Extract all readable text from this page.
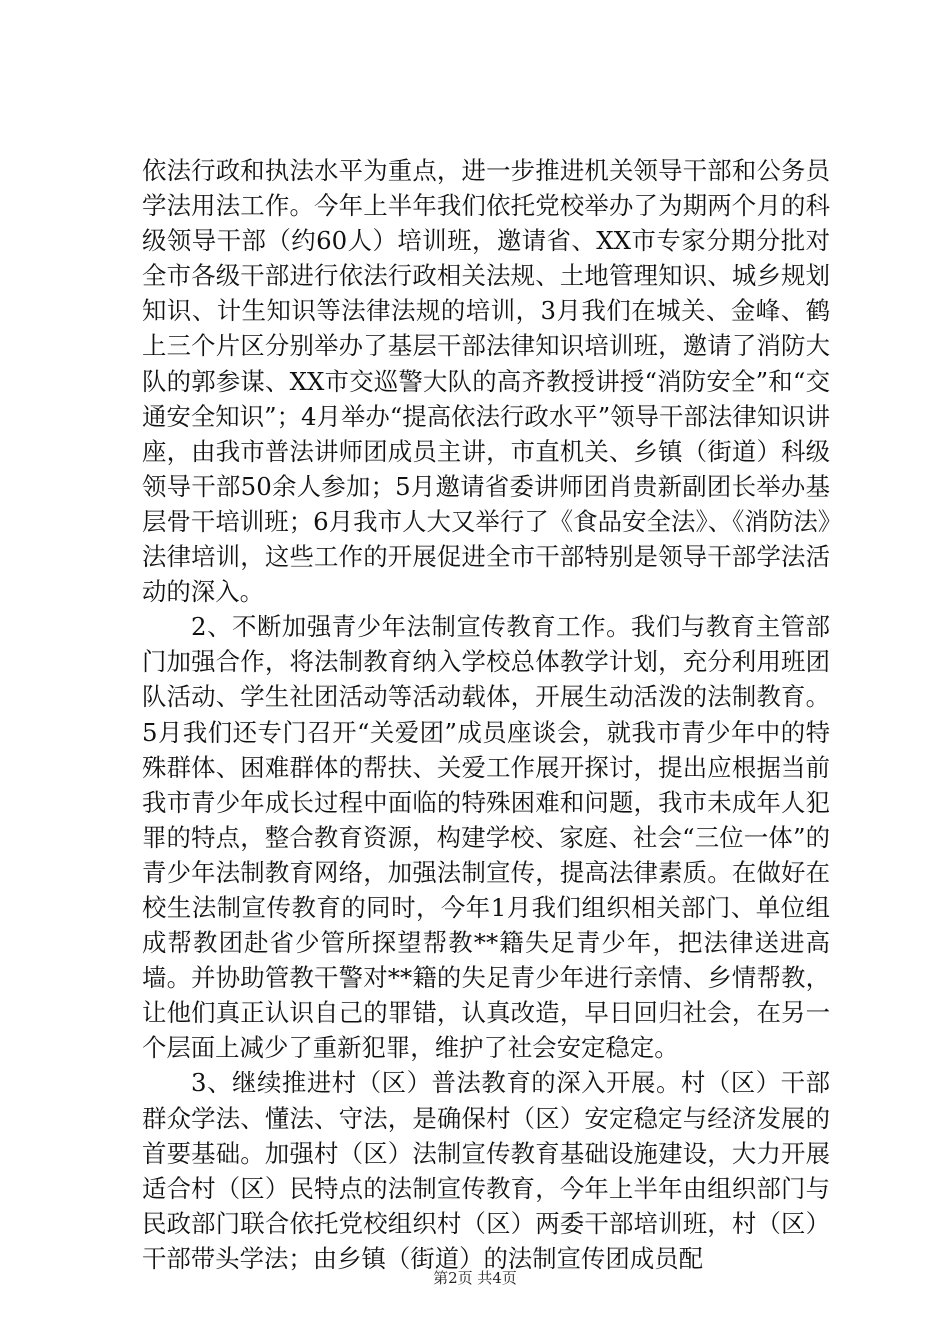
依法行政和执法水平为重点，进一步推进机关领导干部和公务员学法用法工作。今年上半年我们依托党校举办了为期两个月的科级领导干部（约60人）培训班，邀请省、XX市专家分期分批对全市各级干部进行依法行政相关法规、土地管理知识、城乡规划知识、计生知识等法律法规的培训，3月我们在城关、金峰、鹤上三个片区分别举办了基层干部法律知识培训班，邀请了消防大队的郭参谋、XX市交巡警大队的高齐教授讲授“消防安全”和“交通安全知识”；4月举办“提高依法行政水平”领导干部法律知识讲座，由我市普法讲师团成员主讲，市直机关、乡镇（街道）科级领导干部50余人参加；5月邀请省委讲师团肖贵新副团长举办基层骨干培训班；6月我市人大又举行了《食品安全法》、《消防法》法律培训，这些工作的开展促进全市干部特别是领导干部学法活动的深入。

2、不断加强青少年法制宣传教育工作。我们与教育主管部门加强合作，将法制教育纳入学校总体教学计划，充分利用班团队活动、学生社团活动等活动载体，开展生动活泼的法制教育。5月我们还专门召开“关爱团”成员座谈会，就我市青少年中的特殊群体、困难群体的帮扶、关爱工作展开探讨，提出应根据当前我市青少年成长过程中面临的特殊困难和问题，我市未成年人犯罪的特点，整合教育资源，构建学校、家庭、社会“三位一体”的青少年法制教育网络，加强法制宣传，提高法律素质。在做好在校生法制宣传教育的同时，今年1月我们组织相关部门、单位组成帮教团赴省少管所探望帮教**籍失足青少年，把法律送进高墙。并协助管教干警对**籍的失足青少年进行亲情、乡情帮教，让他们真正认识自己的罪错，认真改造，早日回归社会，在另一个层面上减少了重新犯罪，维护了社会安定稳定。

3、继续推进村（区）普法教育的深入开展。村（区）干部群众学法、懂法、守法，是确保村（区）安定稳定与经济发展的首要基础。加强村（区）法制宣传教育基础设施建设，大力开展适合村（区）民特点的法制宣传教育，今年上半年由组织部门与民政部门联合依托党校组织村（区）两委干部培训班，村（区）干部带头学法；由乡镇（街道）的法制宣传团成员配

第2页 共4页
